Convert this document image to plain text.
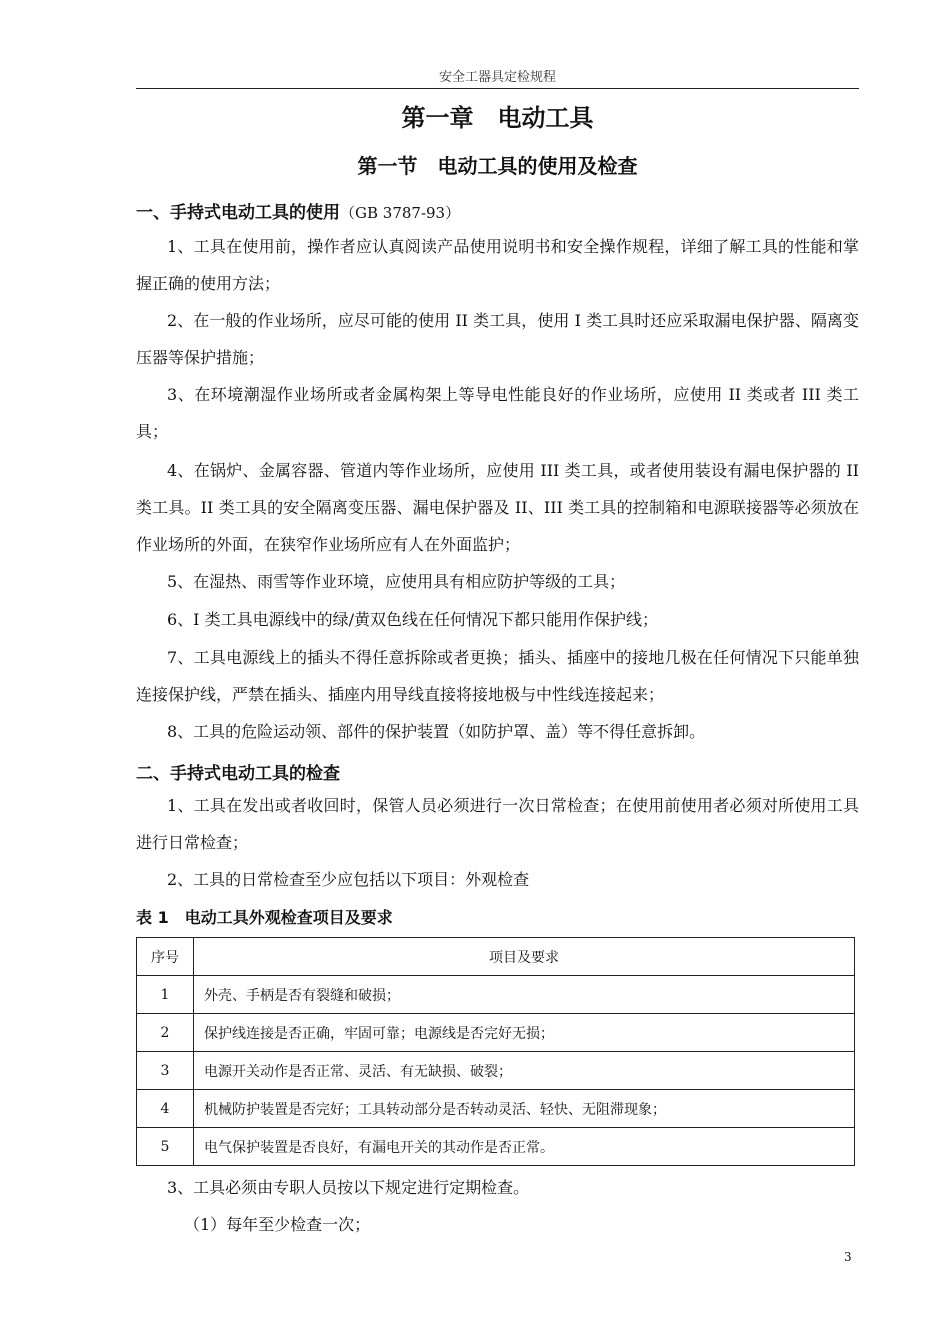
安全工器具定检规程
第一章　电动工具
第一节　电动工具的使用及检查
一、手持式电动工具的使用（GB 3787-93）
1、工具在使用前，操作者应认真阅读产品使用说明书和安全操作规程，详细了解工具的性能和掌握正确的使用方法；
2、在一般的作业场所，应尽可能的使用 II 类工具，使用 I 类工具时还应采取漏电保护器、隔离变压器等保护措施；
3、在环境潮湿作业场所或者金属构架上等导电性能良好的作业场所，应使用 II 类或者 III 类工具；
4、在锅炉、金属容器、管道内等作业场所，应使用 III 类工具，或者使用装设有漏电保护器的 II 类工具。II 类工具的安全隔离变压器、漏电保护器及 II、III 类工具的控制箱和电源联接器等必须放在作业场所的外面，在狭窄作业场所应有人在外面监护；
5、在湿热、雨雪等作业环境，应使用具有相应防护等级的工具；
6、I 类工具电源线中的绿/黄双色线在任何情况下都只能用作保护线；
7、工具电源线上的插头不得任意拆除或者更换；插头、插座中的接地几极在任何情况下只能单独连接保护线，严禁在插头、插座内用导线直接将接地极与中性线连接起来；
8、工具的危险运动领、部件的保护装置（如防护罩、盖）等不得任意拆卸。
二、手持式电动工具的检查
1、工具在发出或者收回时，保管人员必须进行一次日常检查；在使用前使用者必须对所使用工具进行日常检查；
2、工具的日常检查至少应包括以下项目：外观检查
表 1　电动工具外观检查项目及要求
序号	项目及要求
1	外壳、手柄是否有裂缝和破损；
2	保护线连接是否正确，牢固可靠；电源线是否完好无损；
3	电源开关动作是否正常、灵活、有无缺损、破裂；
4	机械防护装置是否完好；工具转动部分是否转动灵活、轻快、无阻滞现象；
5	电气保护装置是否良好，有漏电开关的其动作是否正常。
3、工具必须由专职人员按以下规定进行定期检查。
（1）每年至少检查一次；
3
